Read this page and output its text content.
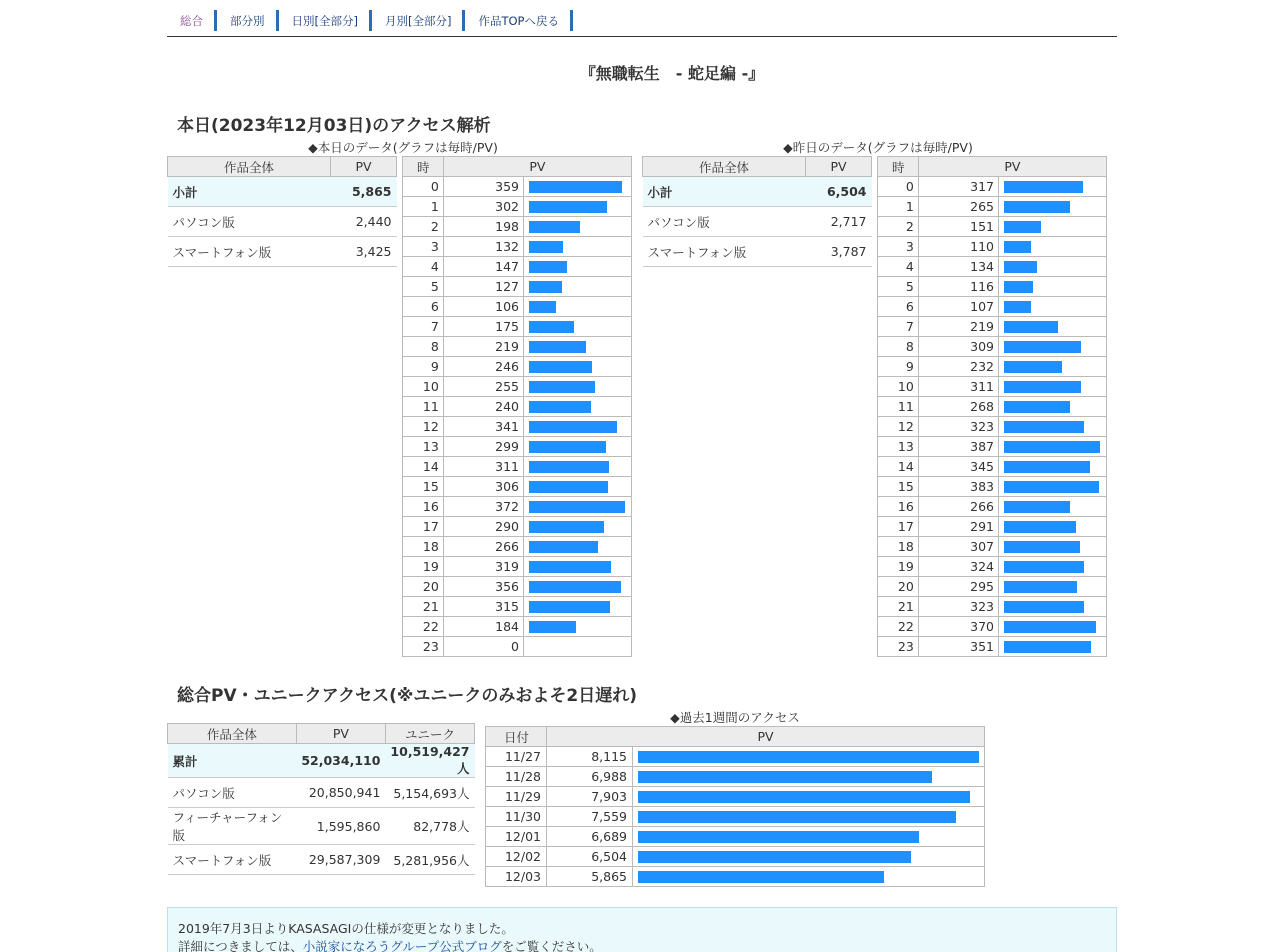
総合	部分別	日別[全部分]	月別[全部分]	作品TOPへ戻る
『無職転生　- 蛇足編 -』
本日(2023年12月03日)のアクセス解析
◆本日のデータ(グラフは毎時/PV)	◆昨日のデータ(グラフは毎時/PV)
作品全体	PV
小計	5,865
パソコン版	2,440
スマートフォン版	3,425
時	PV	
0	359	

1	302	

2	198	

3	132	

4	147	

5	127	

6	106	

7	175	

8	219	

9	246	

10	255	

11	240	

12	341	

13	299	

14	311	

15	306	

16	372	

17	290	

18	266	

19	319	

20	356	

21	315	

22	184	

23	0	
作品全体	PV
小計	6,504
パソコン版	2,717
スマートフォン版	3,787
時	PV	
0	317	

1	265	

2	151	

3	110	

4	134	

5	116	

6	107	

7	219	

8	309	

9	232	

10	311	

11	268	

12	323	

13	387	

14	345	

15	383	

16	266	

17	291	

18	307	

19	324	

20	295	

21	323	

22	370	

23	351	
総合PV・ユニークアクセス(※ユニークのみおよそ2日遅れ)
作品全体	PV	ユニーク
累計	52,034,110	10,519,427人
パソコン版	20,850,941	5,154,693人
フィーチャーフォン版	1,595,860	82,778人
スマートフォン版	29,587,309	5,281,956人
◆過去1週間のアクセス
日付	PV	
11/27	8,115	

11/28	6,988	

11/29	7,903	

11/30	7,559	

12/01	6,689	

12/02	6,504	

12/03	5,865	
2019年7月3日よりKASASAGIの仕様が変更となりました。
詳細につきましては、小説家になろうグループ公式ブログをご覧ください。
